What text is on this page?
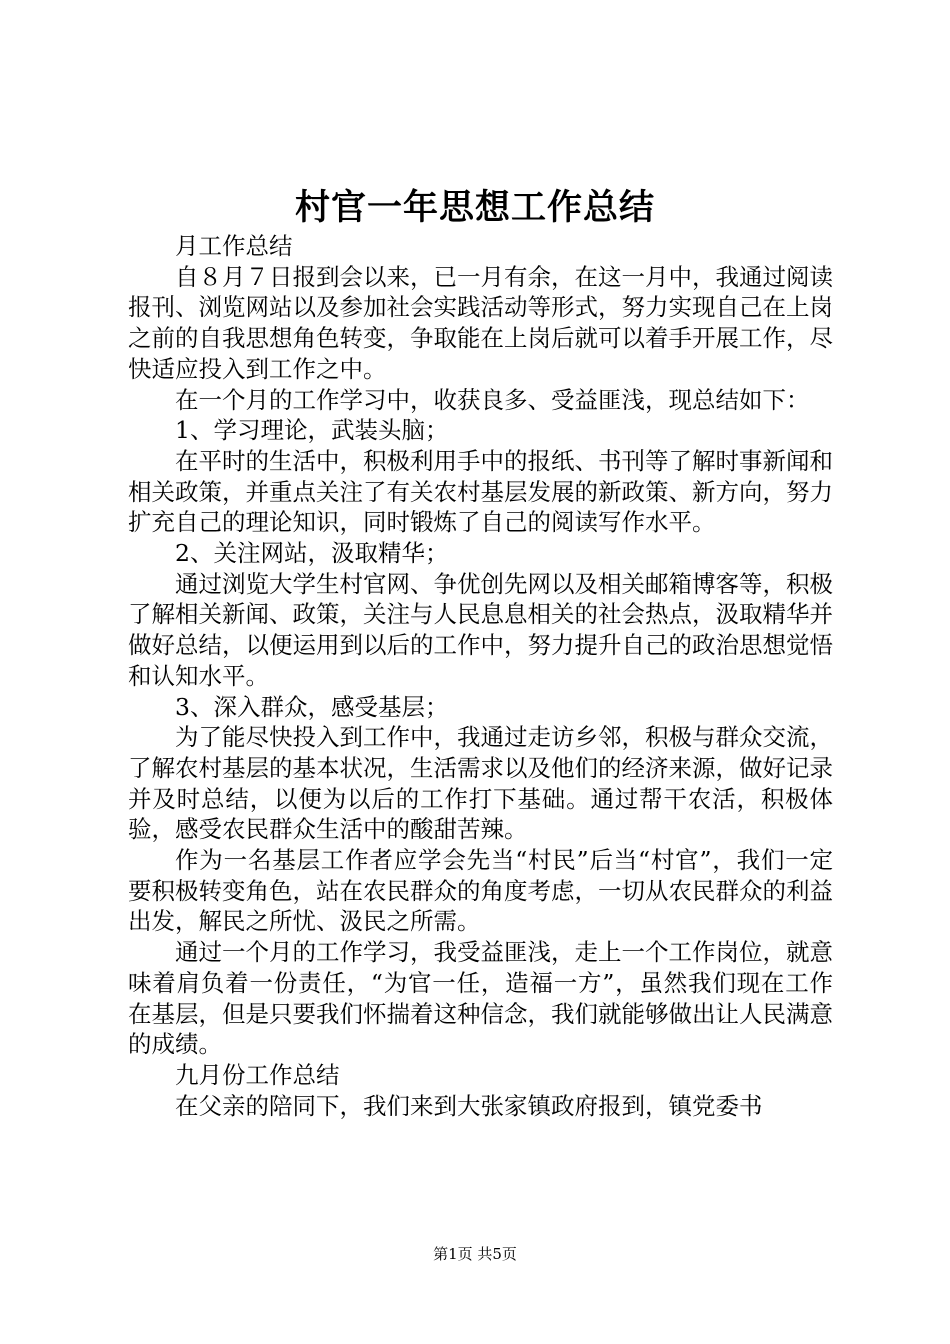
村官一年思想工作总结

月工作总结

自８月７日报到会以来，已一月有余，在这一月中，我通过阅读报刊、浏览网站以及参加社会实践活动等形式，努力实现自己在上岗之前的自我思想角色转变，争取能在上岗后就可以着手开展工作，尽快适应投入到工作之中。

在一个月的工作学习中，收获良多、受益匪浅，现总结如下：

1、学习理论，武装头脑；

在平时的生活中，积极利用手中的报纸、书刊等了解时事新闻和相关政策，并重点关注了有关农村基层发展的新政策、新方向，努力扩充自己的理论知识，同时锻炼了自己的阅读写作水平。

2、关注网站，汲取精华；

通过浏览大学生村官网、争优创先网以及相关邮箱博客等，积极了解相关新闻、政策，关注与人民息息相关的社会热点，汲取精华并做好总结，以便运用到以后的工作中，努力提升自己的政治思想觉悟和认知水平。

3、深入群众，感受基层；

为了能尽快投入到工作中，我通过走访乡邻，积极与群众交流，了解农村基层的基本状况，生活需求以及他们的经济来源，做好记录并及时总结，以便为以后的工作打下基础。通过帮干农活，积极体验，感受农民群众生活中的酸甜苦辣。

作为一名基层工作者应学会先当“村民”后当“村官”，我们一定要积极转变角色，站在农民群众的角度考虑，一切从农民群众的利益出发，解民之所忧、汲民之所需。

通过一个月的工作学习，我受益匪浅，走上一个工作岗位，就意味着肩负着一份责任，“为官一任，造福一方”，虽然我们现在工作在基层，但是只要我们怀揣着这种信念，我们就能够做出让人民满意的成绩。

九月份工作总结

在父亲的陪同下，我们来到大张家镇政府报到，镇党委书

第1页 共5页
